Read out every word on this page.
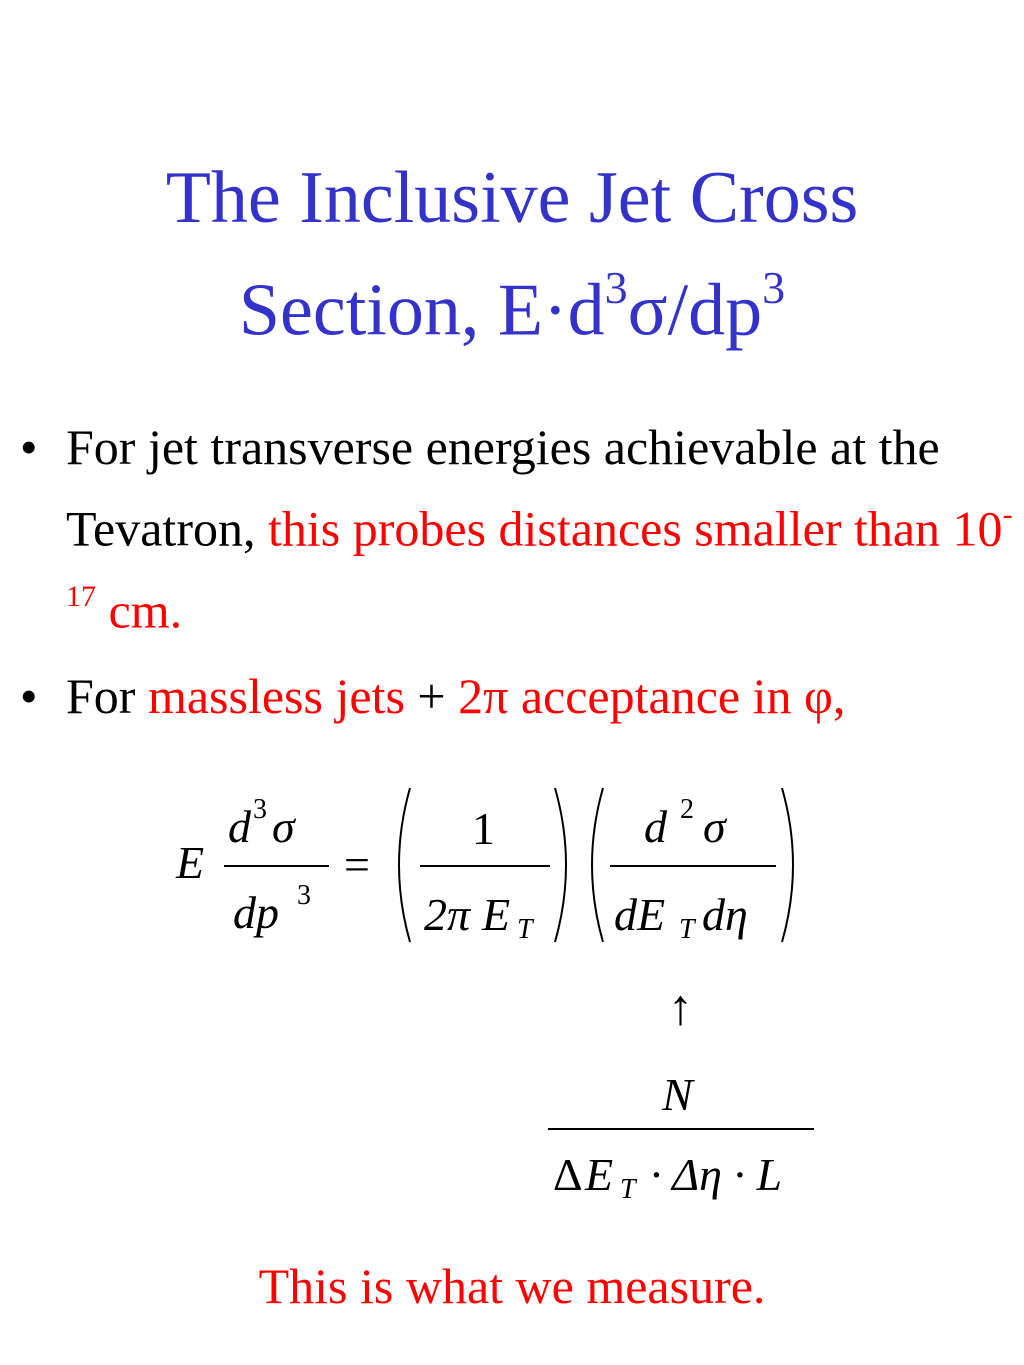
The Inclusive Jet Cross
Section, $E\cdot d^3\sigma/dp^3$
• For jet transverse energies achievable at the Tevatron, this probes distances smaller than $10^{-17}$ cm.
• For massless jets + 2π acceptance in φ,
E
d 3 σ
dp 3
=
1
2π E T
d 2 σ
dE T dη
↑
N
Δ E T · Δη · L
This is what we measure.
